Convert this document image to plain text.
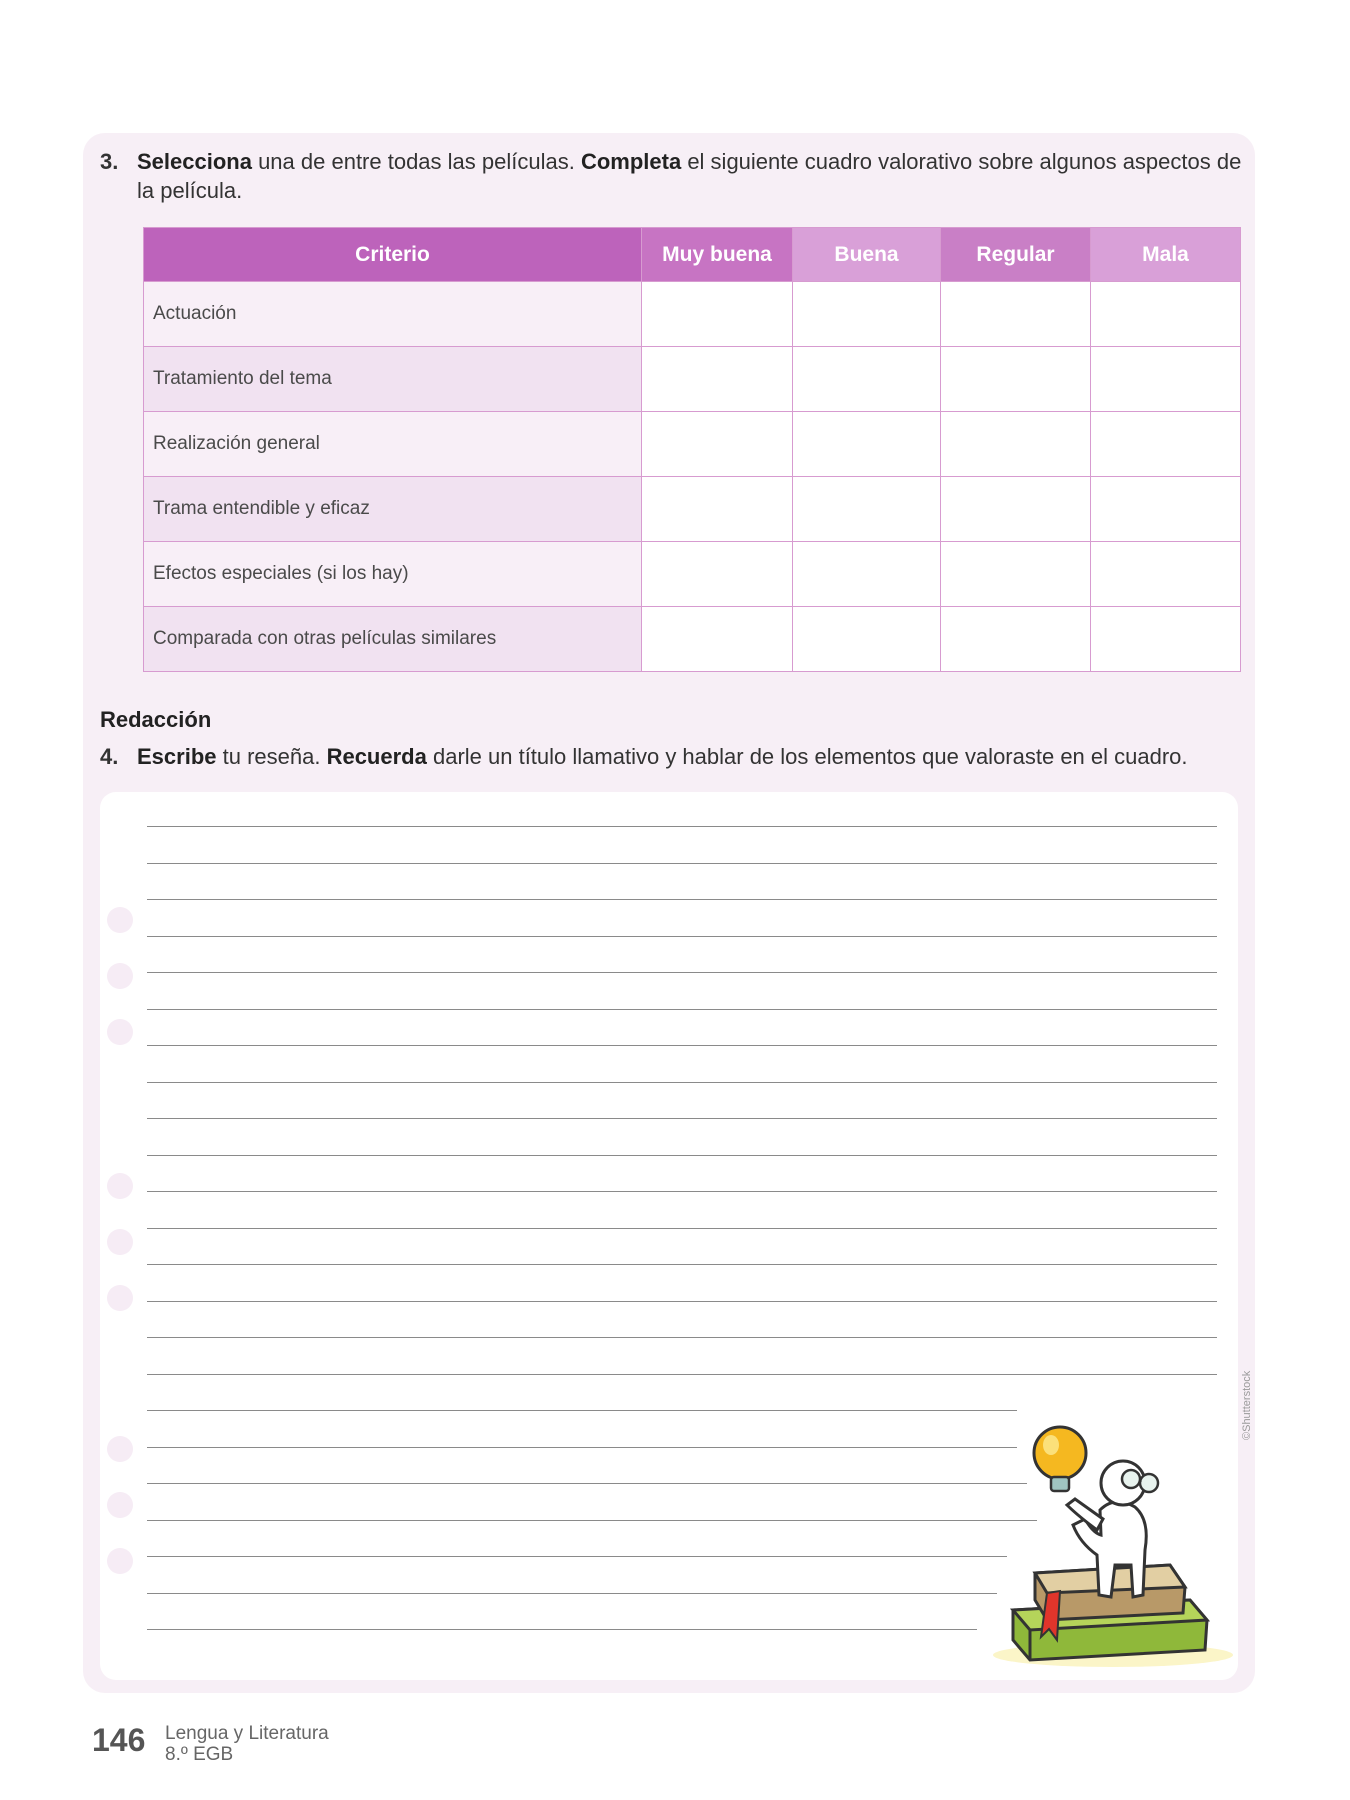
3. Selecciona una de entre todas las películas. Completa el siguiente cuadro valorativo sobre algunos aspectos de la película.
Criterio	Muy buena	Buena	Regular	Mala
Actuación				
Tratamiento del tema				
Realización general				
Trama entendible y eficaz				
Efectos especiales (si los hay)				
Comparada con otras películas similares				
Redacción
4. Escribe tu reseña. Recuerda darle un título llamativo y hablar de los elementos que valoraste en el cuadro.
©Shutterstock
146 Lengua y Literatura
8.º EGB
